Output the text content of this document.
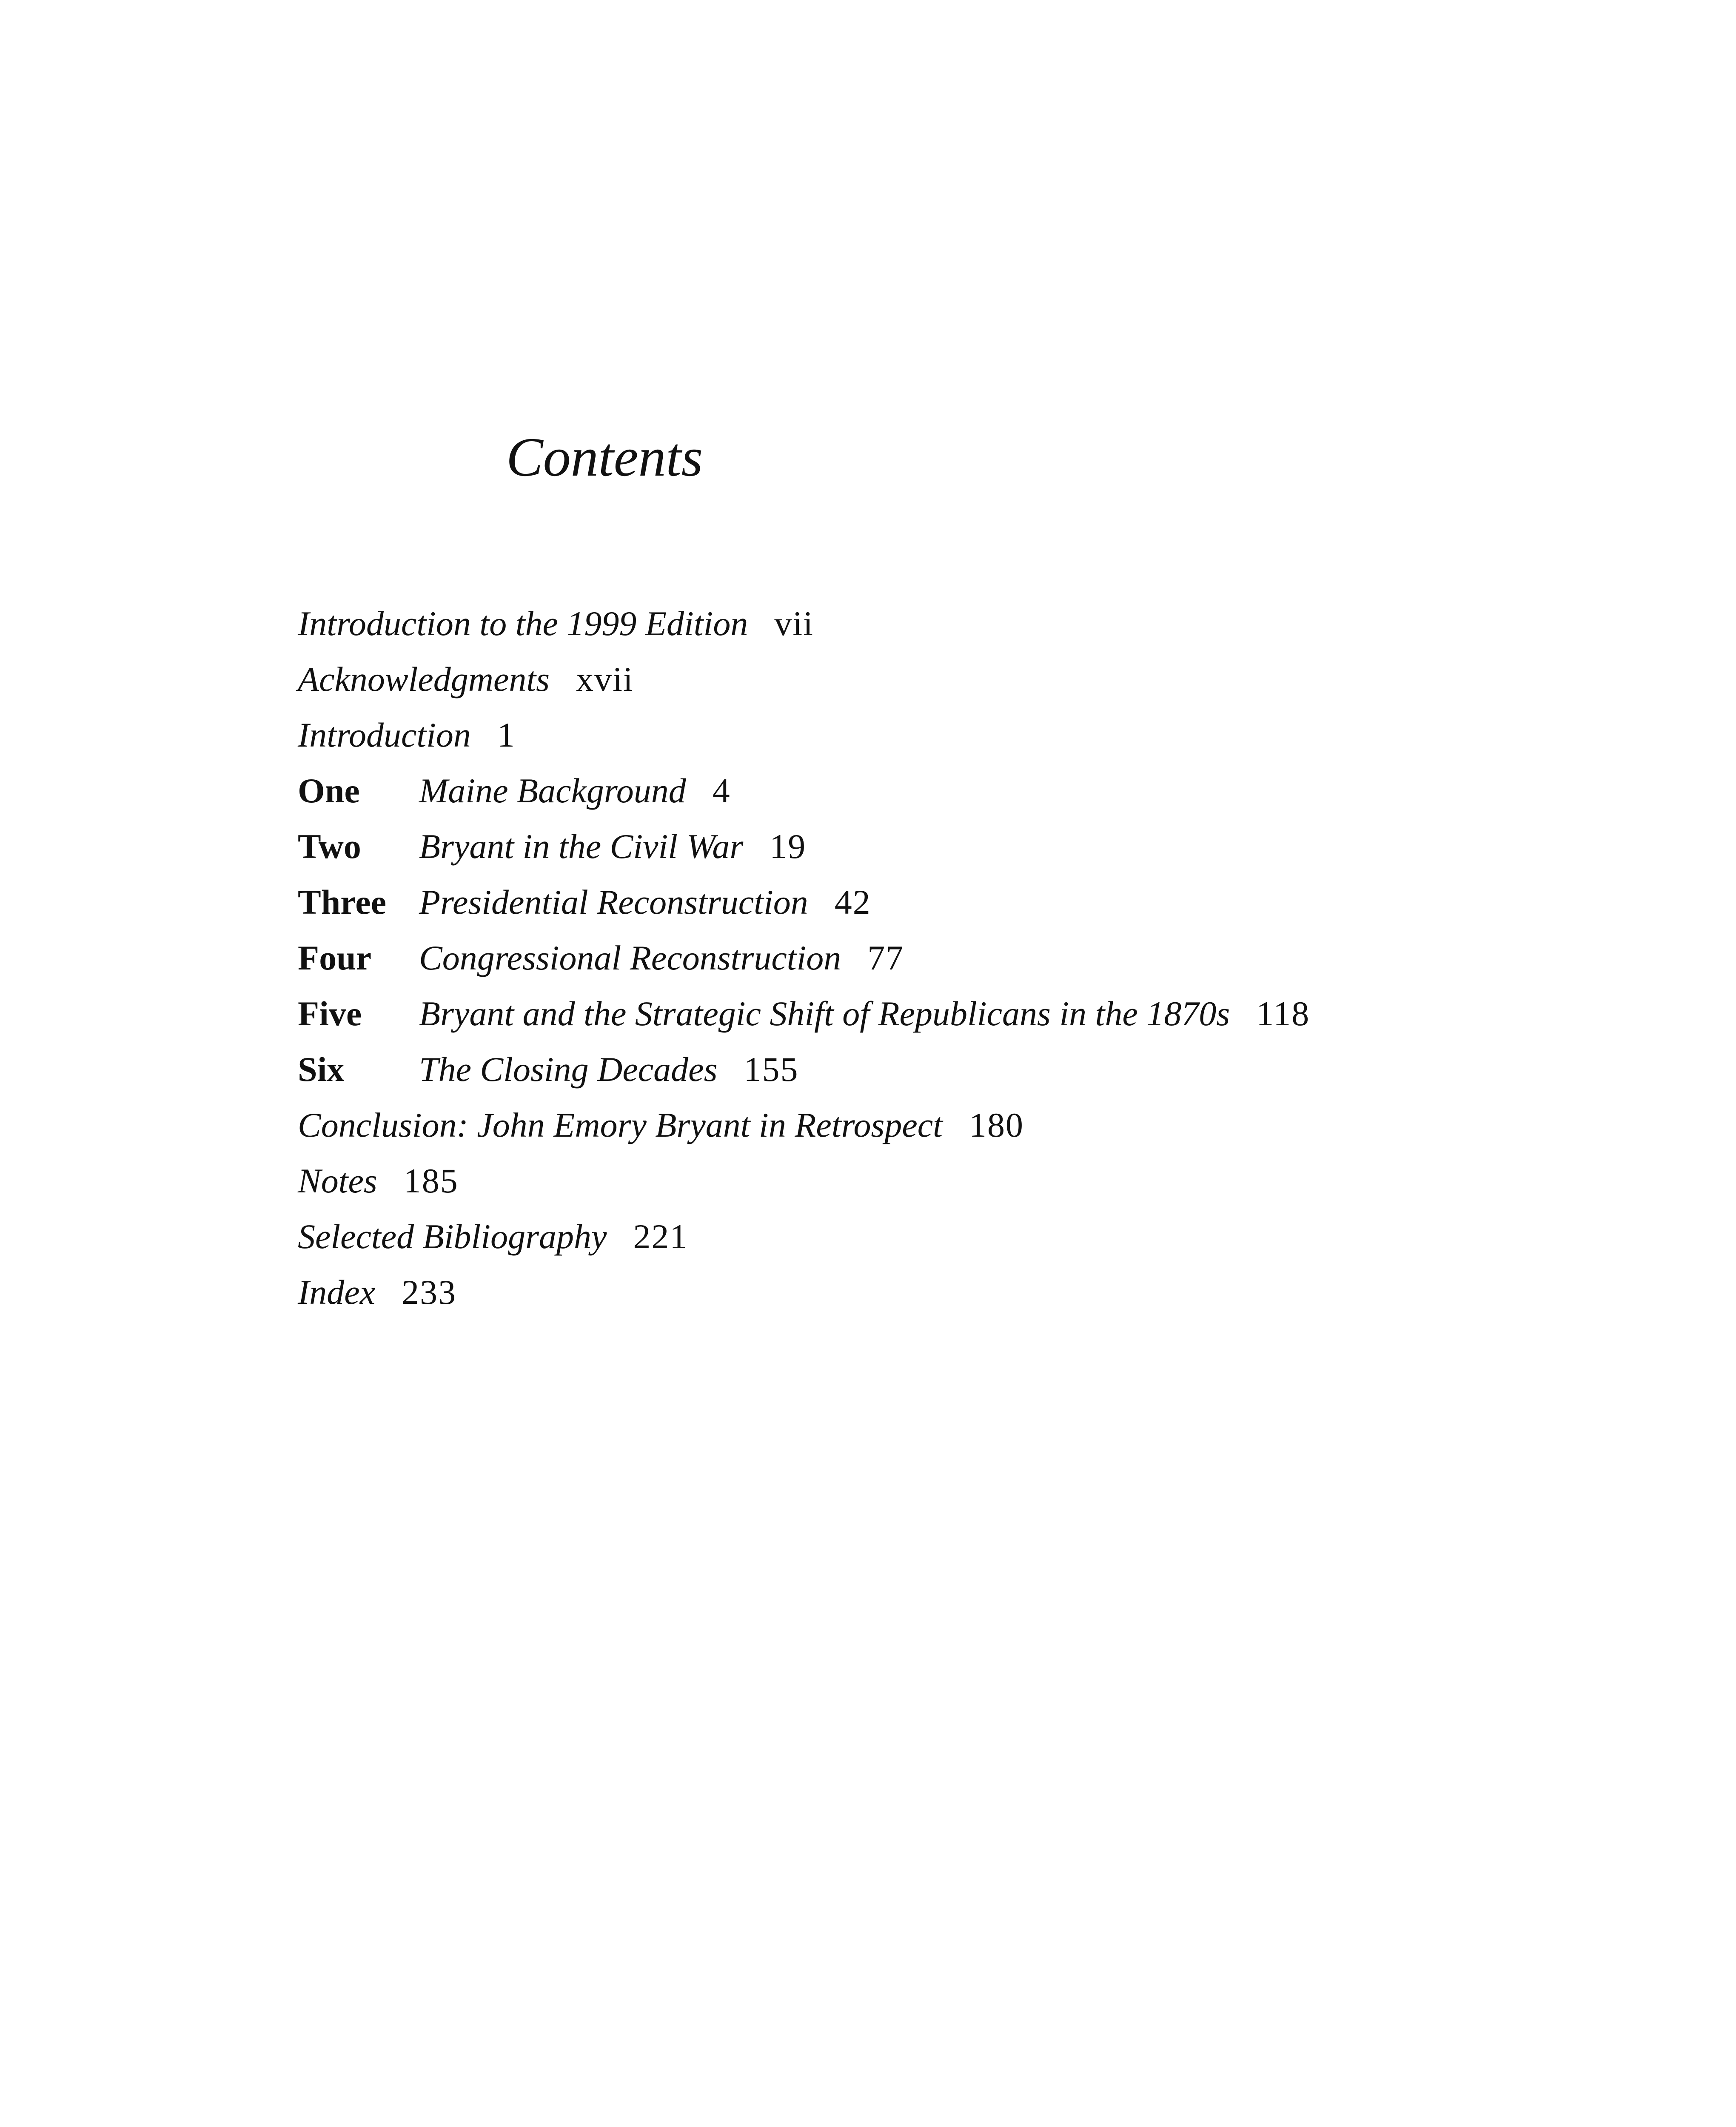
Contents
Introduction to the 1999 Edition vii
Acknowledgments xvii
Introduction 1
One	Maine Background 4
Two	Bryant in the Civil War 19
Three Presidential Reconstruction 42
Four	Congressional Reconstruction 77
Five	Bryant and the Strategic Shift of Republicans in the 1870s 118
Six	The Closing Decades 155
Conclusion: John Emory Bryant in Retrospect 180
Notes 185
Selected Bibliography 221
Index 233
